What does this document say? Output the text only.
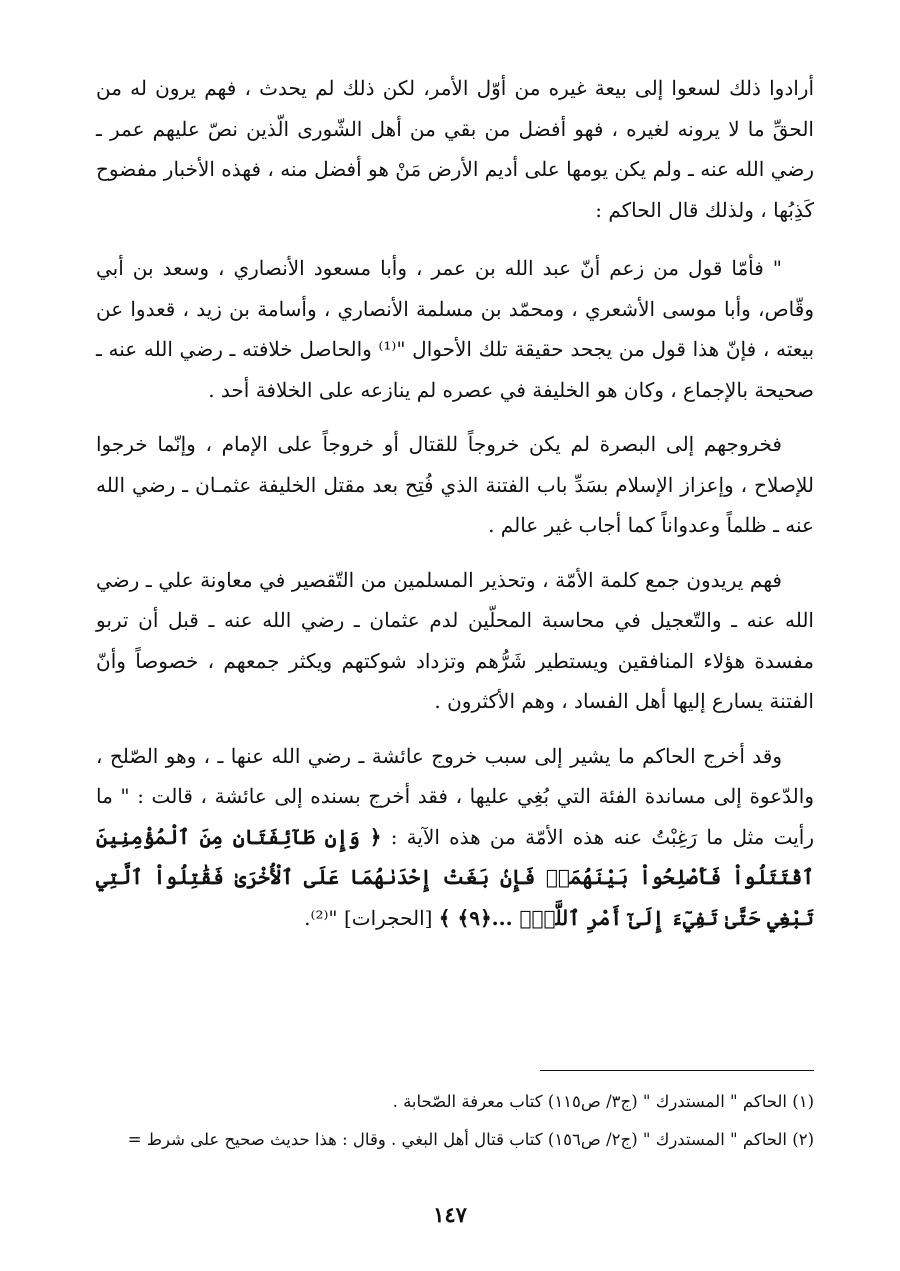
أرادوا ذلك لسعوا إلى بيعة غيره من أوّل الأمر، لكن ذلك لم يحدث ، فهم يرون له من الحقِّ ما لا يرونه لغيره ، فهو أفضل من بقي من أهل الشّورى الّذين نصّ عليهم عمر ـ رضي الله عنه ـ ولم يكن يومها على أديم الأرض مَنْ هو أفضل منه ، فهذه الأخبار مفضوح كَذِبُها ، ولذلك قال الحاكم :

" فأمّا قول من زعم أنّ عبد الله بن عمر ، وأبا مسعود الأنصاري ، وسعد بن أبي وقّاص، وأبا موسى الأشعري ، ومحمّد بن مسلمة الأنصاري ، وأسامة بن زيد ، قعدوا عن بيعته ، فإنّ هذا قول من يجحد حقيقة تلك الأحوال "⁽¹⁾ والحاصل خلافته ـ رضي الله عنه ـ صحيحة بالإجماع ، وكان هو الخليفة في عصره لم ينازعه على الخلافة أحد .

فخروجهم إلى البصرة لم يكن خروجاً للقتال أو خروجاً على الإمام ، وإنّما خرجوا للإصلاح ، وإعزاز الإسلام بسَدِّ باب الفتنة الذي فُتِح بعد مقتل الخليفة عثمـان ـ رضي الله عنه ـ ظلماً وعدواناً كما أجاب غير عالم .

فهم يريدون جمع كلمة الأمّة ، وتحذير المسلمين من التّقصير في معاونة علي ـ رضي الله عنه ـ والتّعجيل في محاسبة المحلّين لدم عثمان ـ رضي الله عنه ـ قبل أن تربو مفسدة هؤلاء المنافقين ويستطير شَرُّهم وتزداد شوكتهم ويكثر جمعهم ، خصوصاً وأنّ الفتنة يسارع إليها أهل الفساد ، وهم الأكثرون .

وقد أخرج الحاكم ما يشير إلى سبب خروج عائشة ـ رضي الله عنها ـ ، وهو الصّلح ، والدّعوة إلى مساندة الفئة التي بُغِي عليها ، فقد أخرج بسنده إلى عائشة ، قالت : " ما رأيت مثل ما رَغِبْتُ عنه هذه الأمّة من هذه الآية : ﴿ وَإِن طَآئِفَتَانِ مِنَ ٱلْمُؤْمِنِينَ ٱقْتَتَلُواْ فَأَصْلِحُواْ بَيْنَهُمَاۖ فَإِنۢ بَغَتْ إِحْدَىٰهُمَا عَلَى ٱلْأُخْرَىٰ فَقَٰتِلُواْ ٱلَّتِي تَبْغِي حَتَّىٰ تَفِيٓءَ إِلَىٰٓ أَمْرِ ٱللَّهِۚ ...﴿٩﴾ ﴾ [الحجرات] "⁽²⁾.

(١) الحاكم " المستدرك " (ج٣/ ص١١٥) كتاب معرفة الصّحابة .

(٢) الحاكم " المستدرك " (ج٢/ ص١٥٦) كتاب قتال أهل البغي . وقال : هذا حديث صحيح على شرط =

١٤٧
